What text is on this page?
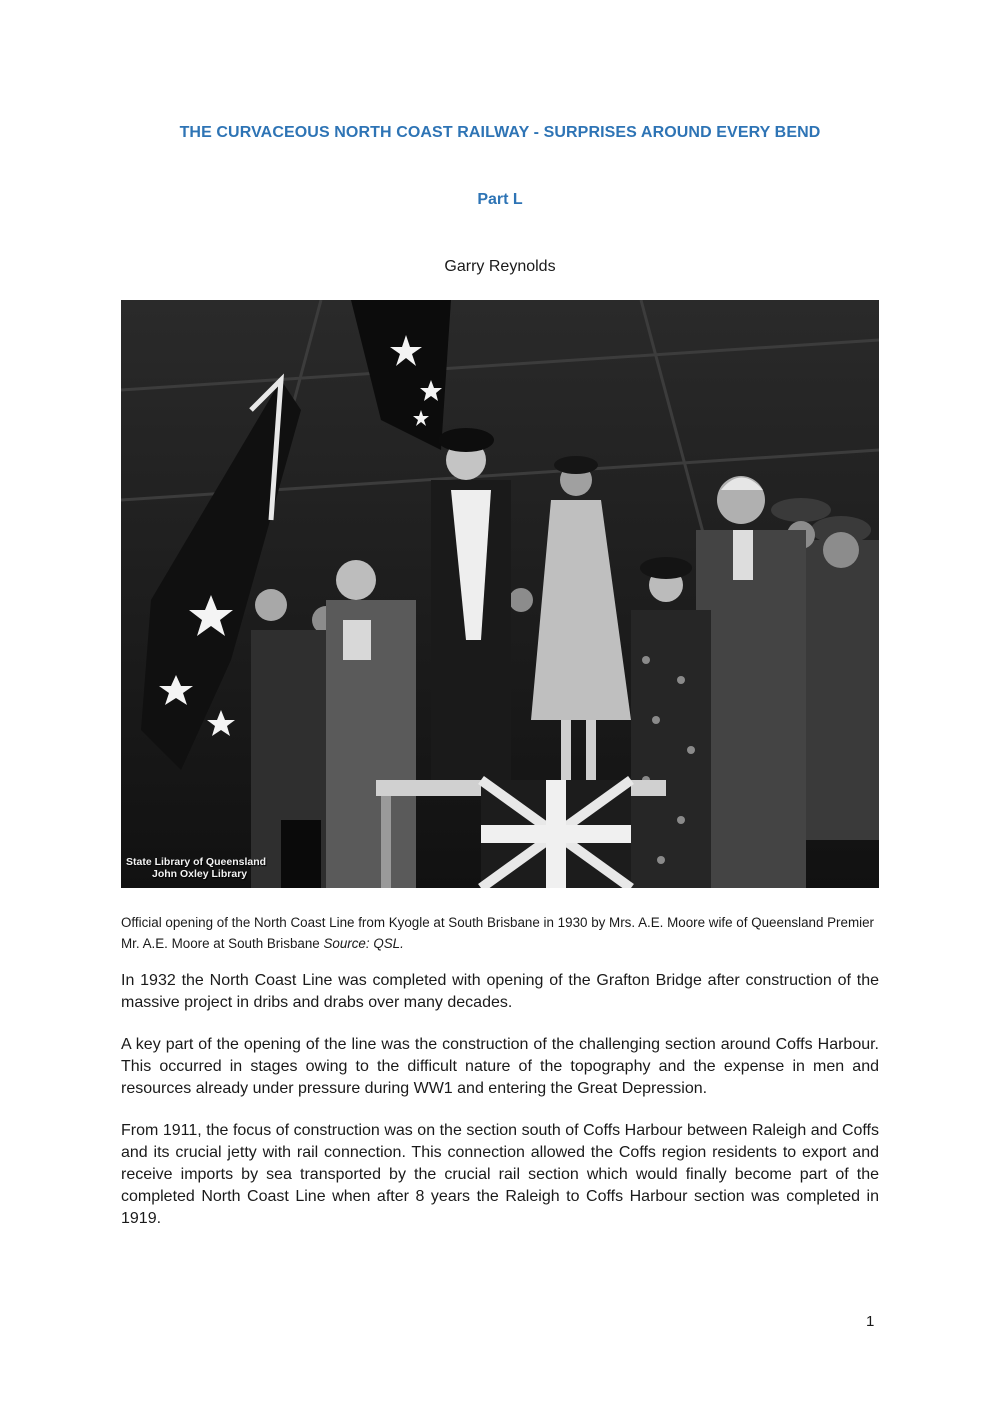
THE CURVACEOUS NORTH COAST RAILWAY - SURPRISES AROUND EVERY BEND
Part L

Garry Reynolds

State Library of Queensland
John Oxley Library

Official opening of the North Coast Line from Kyogle at South Brisbane in 1930 by Mrs. A.E. Moore wife of Queensland Premier Mr. A.E. Moore at South Brisbane Source: QSL.

In 1932 the North Coast Line was completed with opening of the Grafton Bridge after construction of the massive project in dribs and drabs over many decades.

A key part of the opening of the line was the construction of the challenging section around Coffs Harbour. This occurred in stages owing to the difficult nature of the topography and the expense in men and resources already under pressure during WW1 and entering the Great Depression.

From 1911, the focus of construction was on the section south of Coffs Harbour between Raleigh and Coffs and its crucial jetty with rail connection. This connection allowed the Coffs region residents to export and receive imports by sea transported by the crucial rail section which would finally become part of the completed North Coast Line when after 8 years the Raleigh to Coffs Harbour section was completed in 1919.

1
